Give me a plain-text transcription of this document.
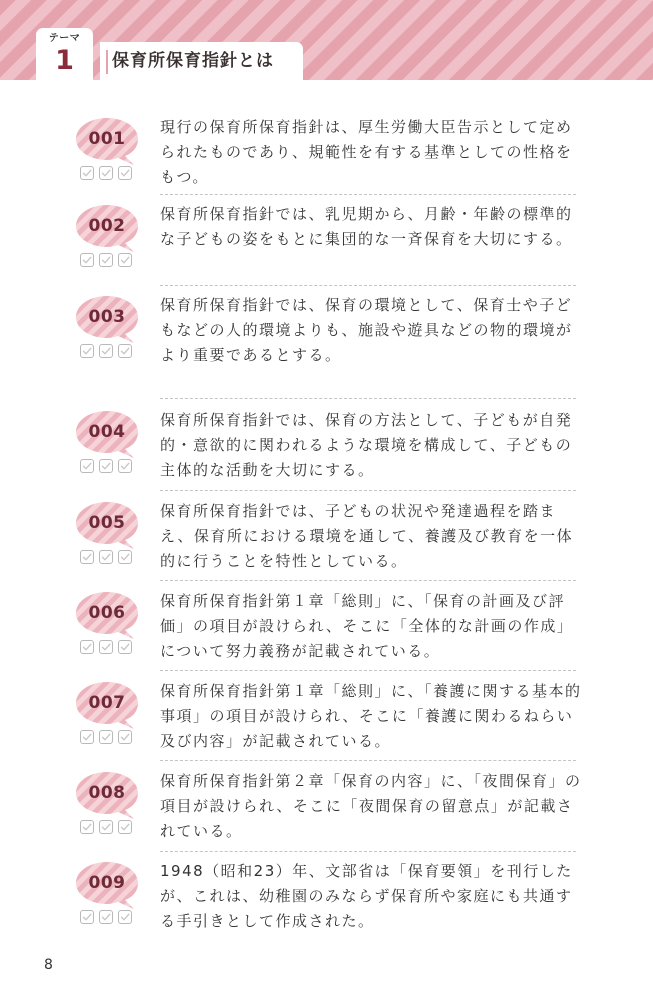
テーマ
1	保育所保育指針とは
001
現行の保育所保育指針は、厚生労働大臣告示として定め
られたものであり、規範性を有する基準としての性格を
もつ。
002
保育所保育指針では、乳児期から、月齢・年齢の標準的
な子どもの姿をもとに集団的な一斉保育を大切にする。
003
保育所保育指針では、保育の環境として、保育士や子ど
もなどの人的環境よりも、施設や遊具などの物的環境が
より重要であるとする。
004
保育所保育指針では、保育の方法として、子どもが自発
的・意欲的に関われるような環境を構成して、子どもの
主体的な活動を大切にする。
005
保育所保育指針では、子どもの状況や発達過程を踏ま
え、保育所における環境を通して、養護及び教育を一体
的に行うことを特性としている。
006
保育所保育指針第１章「総則」に、「保育の計画及び評
価」の項目が設けられ、そこに「全体的な計画の作成」
について努力義務が記載されている。
007
保育所保育指針第１章「総則」に、「養護に関する基本的
事項」の項目が設けられ、そこに「養護に関わるねらい
及び内容」が記載されている。
008
保育所保育指針第２章「保育の内容」に、「夜間保育」の
項目が設けられ、そこに「夜間保育の留意点」が記載さ
れている。
009
1948（昭和23）年、文部省は「保育要領」を刊行した
が、これは、幼稚園のみならず保育所や家庭にも共通す
る手引きとして作成された。
8
